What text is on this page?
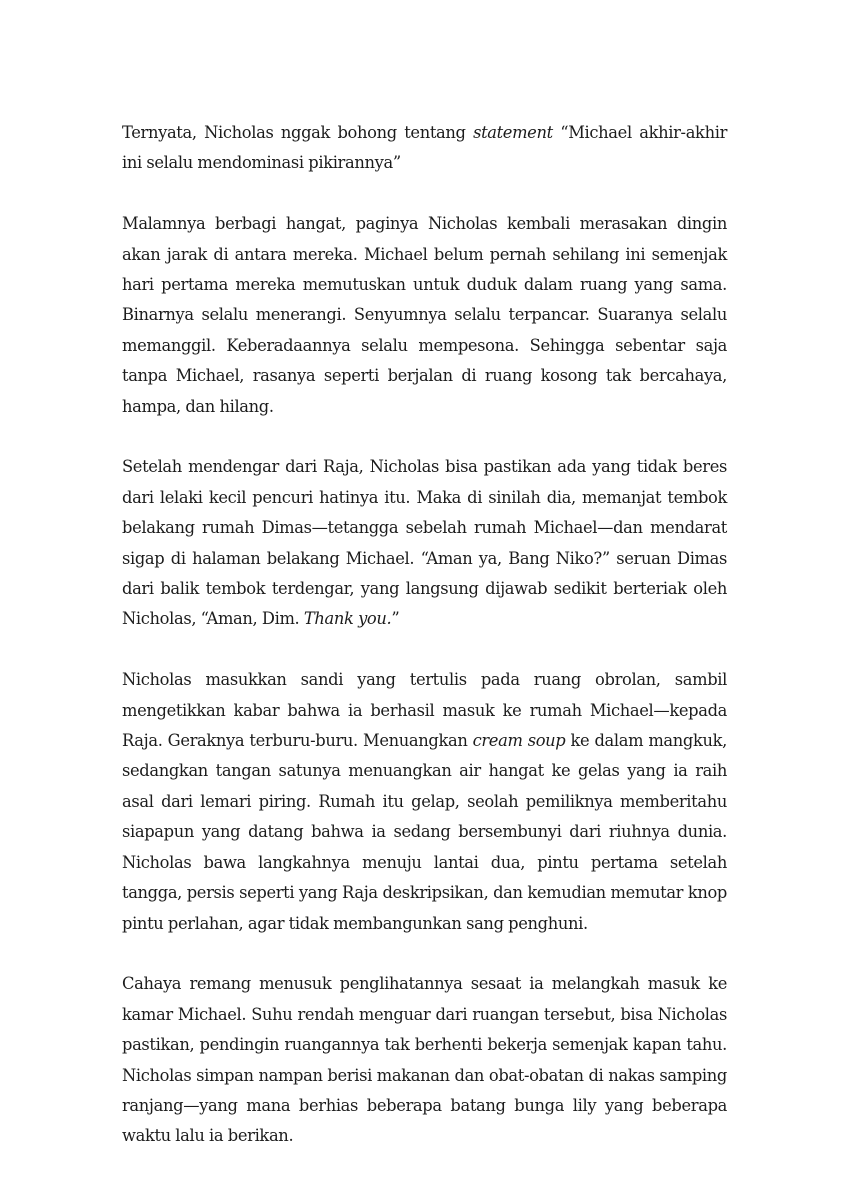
Ternyata, Nicholas nggak bohong tentang statement “Michael akhir-akhir ini selalu mendominasi pikirannya”

Malamnya berbagi hangat, paginya Nicholas kembali merasakan dingin akan jarak di antara mereka. Michael belum pernah sehilang ini semenjak hari pertama mereka memutuskan untuk duduk dalam ruang yang sama. Binarnya selalu menerangi. Senyumnya selalu terpancar. Suaranya selalu memanggil. Keberadaannya selalu mempesona. Sehingga sebentar saja tanpa Michael, rasanya seperti berjalan di ruang kosong tak bercahaya, hampa, dan hilang.

Setelah mendengar dari Raja, Nicholas bisa pastikan ada yang tidak beres dari lelaki kecil pencuri hatinya itu. Maka di sinilah dia, memanjat tembok belakang rumah Dimas—tetangga sebelah rumah Michael—dan mendarat sigap di halaman belakang Michael. “Aman ya, Bang Niko?” seruan Dimas dari balik tembok terdengar, yang langsung dijawab sedikit berteriak oleh Nicholas, “Aman, Dim. Thank you.”

Nicholas masukkan sandi yang tertulis pada ruang obrolan, sambil mengetikkan kabar bahwa ia berhasil masuk ke rumah Michael—kepada Raja. Geraknya terburu-buru. Menuangkan cream soup ke dalam mangkuk, sedangkan tangan satunya menuangkan air hangat ke gelas yang ia raih asal dari lemari piring. Rumah itu gelap, seolah pemiliknya memberitahu siapapun yang datang bahwa ia sedang bersembunyi dari riuhnya dunia. Nicholas bawa langkahnya menuju lantai dua, pintu pertama setelah tangga, persis seperti yang Raja deskripsikan, dan kemudian memutar knop pintu perlahan, agar tidak membangunkan sang penghuni.

Cahaya remang menusuk penglihatannya sesaat ia melangkah masuk ke kamar Michael. Suhu rendah menguar dari ruangan tersebut, bisa Nicholas pastikan, pendingin ruangannya tak berhenti bekerja semenjak kapan tahu. Nicholas simpan nampan berisi makanan dan obat-obatan di nakas samping ranjang—yang mana berhias beberapa batang bunga lily yang beberapa waktu lalu ia berikan.
